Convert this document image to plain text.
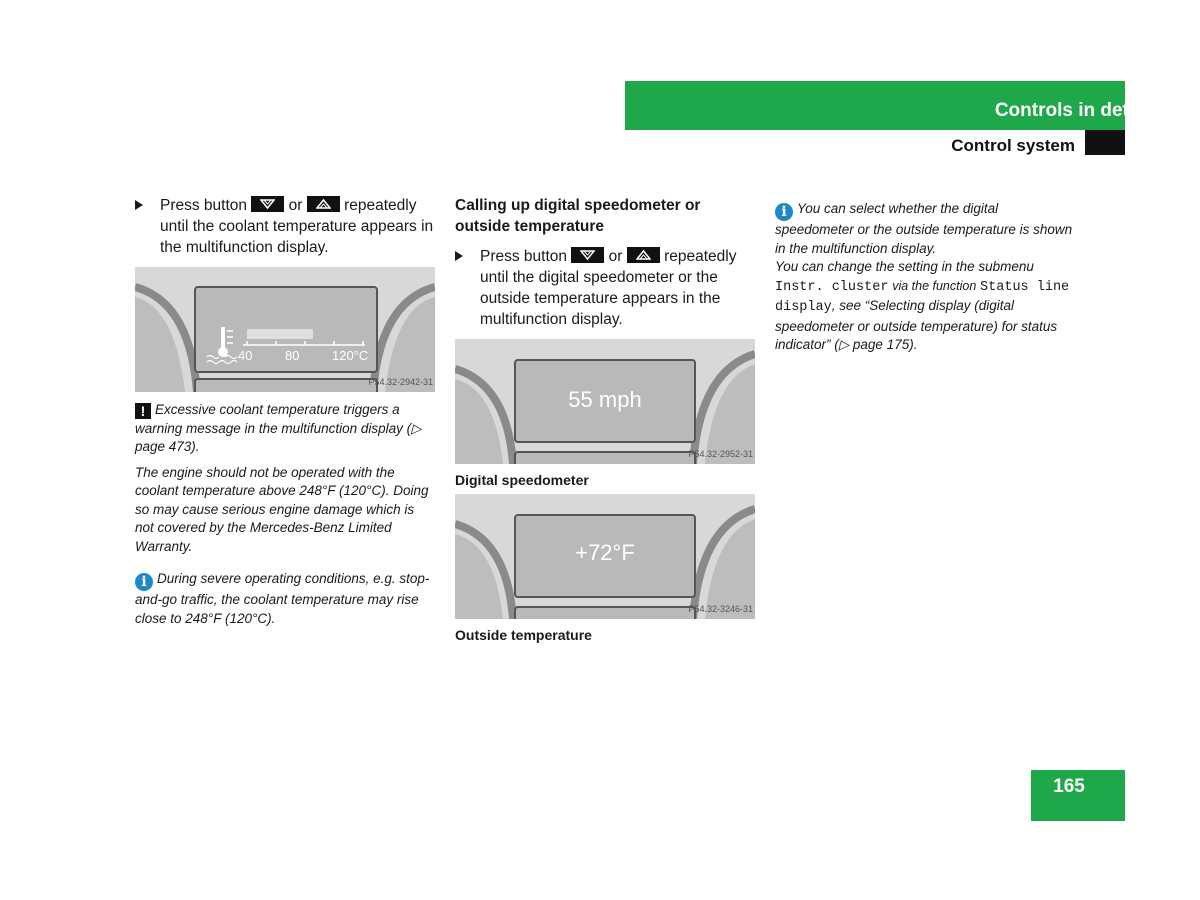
Controls in detail
Control system
Press button	or	repeatedly until the coolant temperature appears in the multifunction display.
40	80	120°C
P54.32-2942-31
! Excessive coolant temperature triggers a warning message in the multifunction display (▷ page 473).
The engine should not be operated with the coolant temperature above 248°F (120°C). Doing so may cause serious engine damage which is not covered by the Mercedes-Benz Limited Warranty.
i During severe operating conditions, e.g. stop-and-go traffic, the coolant temperature may rise close to 248°F (120°C).
Calling up digital speedometer or outside temperature
Press button	or	repeatedly until the digital speedometer or the outside temperature appears in the multifunction display.
55 mph
P54.32-2952-31
Digital speedometer
+72°F
P54.32-3246-31
Outside temperature
i You can select whether the digital speedometer or the outside temperature is shown in the multifunction display.
You can change the setting in the submenu Instr. cluster via the function Status line display, see “Selecting display (digital speedometer or outside temperature) for status indicator” (▷ page 175).
165
